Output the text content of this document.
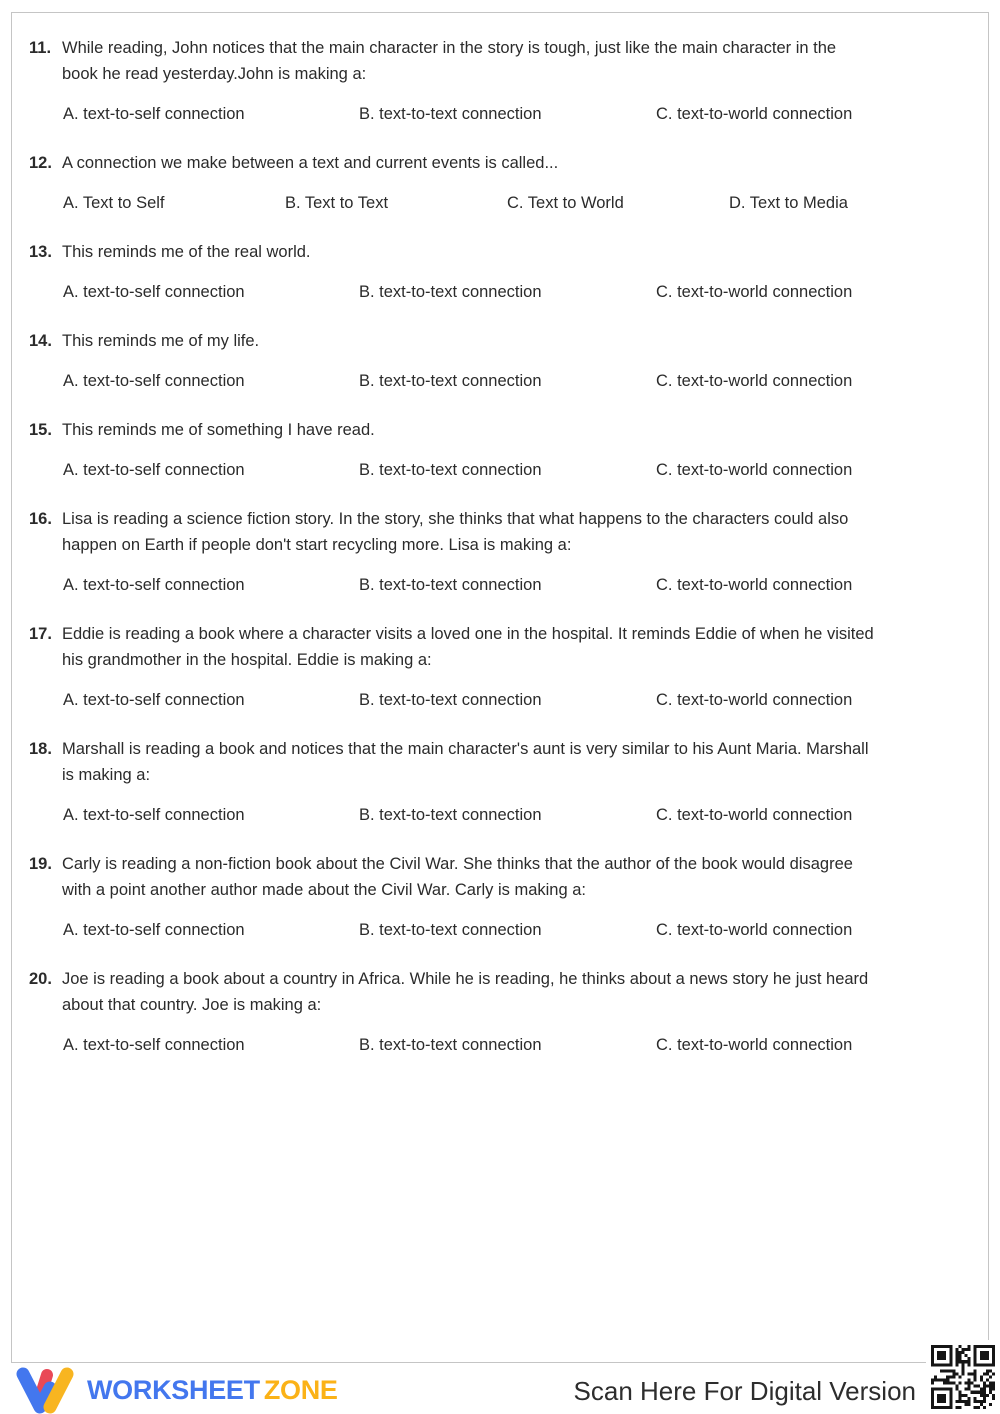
11. While reading, John notices that the main character in the story is tough, just like the main character in the
book he read yesterday.John is making a:
A. text-to-self connection	B. text-to-text connection	C. text-to-world connection
12. A connection we make between a text and current events is called...
A. Text to Self	B. Text to Text	C. Text to World	D. Text to Media
13. This reminds me of the real world.
A. text-to-self connection	B. text-to-text connection	C. text-to-world connection
14. This reminds me of my life.
A. text-to-self connection	B. text-to-text connection	C. text-to-world connection
15. This reminds me of something I have read.
A. text-to-self connection	B. text-to-text connection	C. text-to-world connection
16. Lisa is reading a science fiction story. In the story, she thinks that what happens to the characters could also
happen on Earth if people don't start recycling more. Lisa is making a:
A. text-to-self connection	B. text-to-text connection	C. text-to-world connection
17. Eddie is reading a book where a character visits a loved one in the hospital. It reminds Eddie of when he visited
his grandmother in the hospital. Eddie is making a:
A. text-to-self connection	B. text-to-text connection	C. text-to-world connection
18. Marshall is reading a book and notices that the main character's aunt is very similar to his Aunt Maria. Marshall
is making a:
A. text-to-self connection	B. text-to-text connection	C. text-to-world connection
19. Carly is reading a non-fiction book about the Civil War. She thinks that the author of the book would disagree
with a point another author made about the Civil War. Carly is making a:
A. text-to-self connection	B. text-to-text connection	C. text-to-world connection
20. Joe is reading a book about a country in Africa. While he is reading, he thinks about a news story he just heard
about that country. Joe is making a:
A. text-to-self connection	B. text-to-text connection	C. text-to-world connection
WORKSHEET ZONE	Scan Here For Digital Version
